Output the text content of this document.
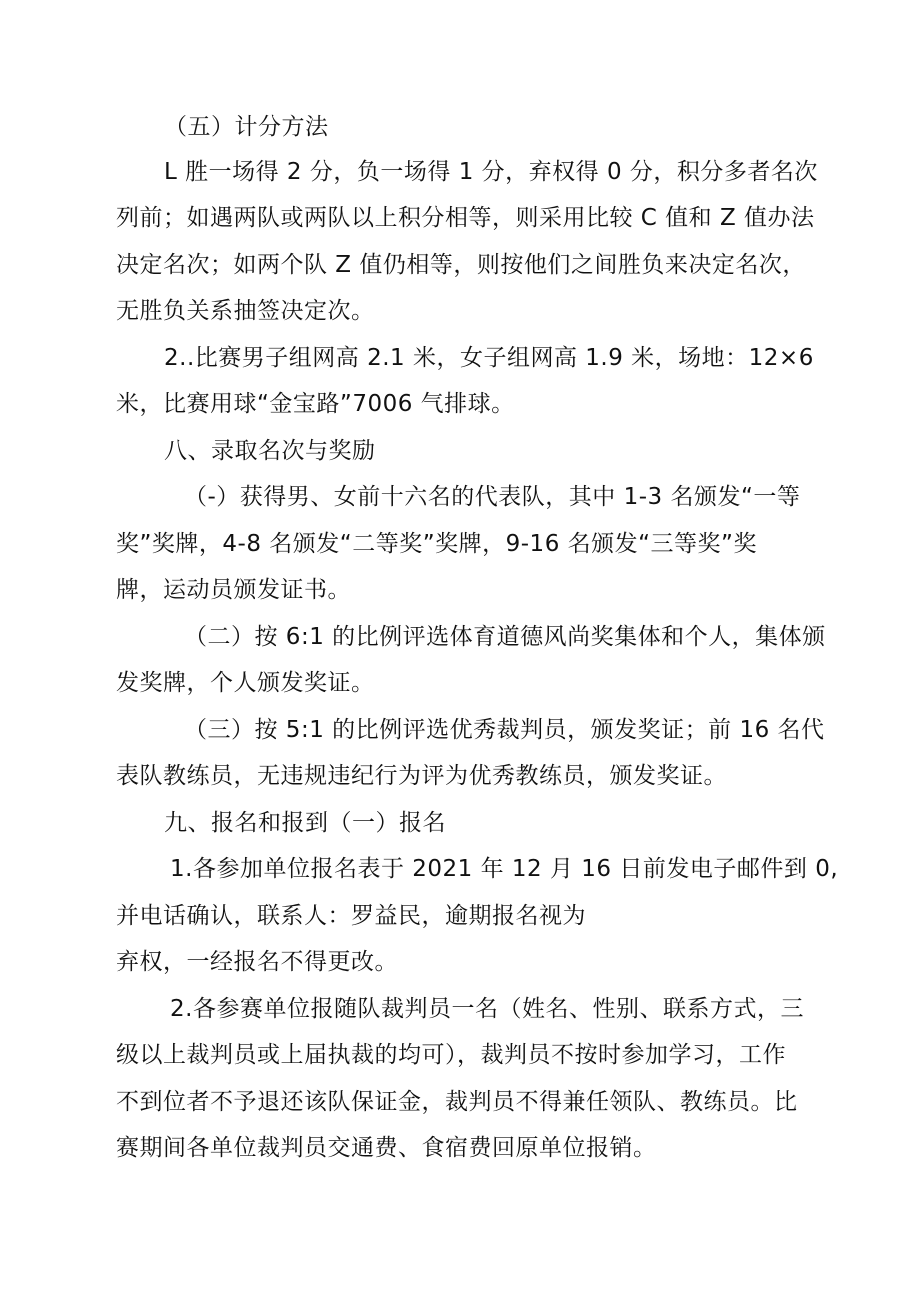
（五）计分方法
L 胜一场得 2 分，负一场得 1 分，弃权得 0 分，积分多者名次
列前；如遇两队或两队以上积分相等，则采用比较 C 值和 Z 值办法
决定名次；如两个队 Z 值仍相等，则按他们之间胜负来决定名次，
无胜负关系抽签决定次。
2..比赛男子组网高 2.1 米，女子组网高 1.9 米，场地：12×6
米，比赛用球“金宝路”7006 气排球。
八、录取名次与奖励
（-）获得男、女前十六名的代表队，其中 1-3 名颁发“一等
奖”奖牌，4-8 名颁发“二等奖”奖牌，9-16 名颁发“三等奖”奖
牌，运动员颁发证书。
（二）按 6:1 的比例评选体育道德风尚奖集体和个人，集体颁
发奖牌，个人颁发奖证。
（三）按 5:1 的比例评选优秀裁判员，颁发奖证；前 16 名代
表队教练员，无违规违纪行为评为优秀教练员，颁发奖证。
九、报名和报到（一）报名
1.各参加单位报名表于 2021 年 12 月 16 日前发电子邮件到 0,
并电话确认，联系人：罗益民，逾期报名视为
弃权，一经报名不得更改。
2.各参赛单位报随队裁判员一名（姓名、性别、联系方式，三
级以上裁判员或上届执裁的均可），裁判员不按时参加学习，工作
不到位者不予退还该队保证金，裁判员不得兼任领队、教练员。比
赛期间各单位裁判员交通费、食宿费回原单位报销。
